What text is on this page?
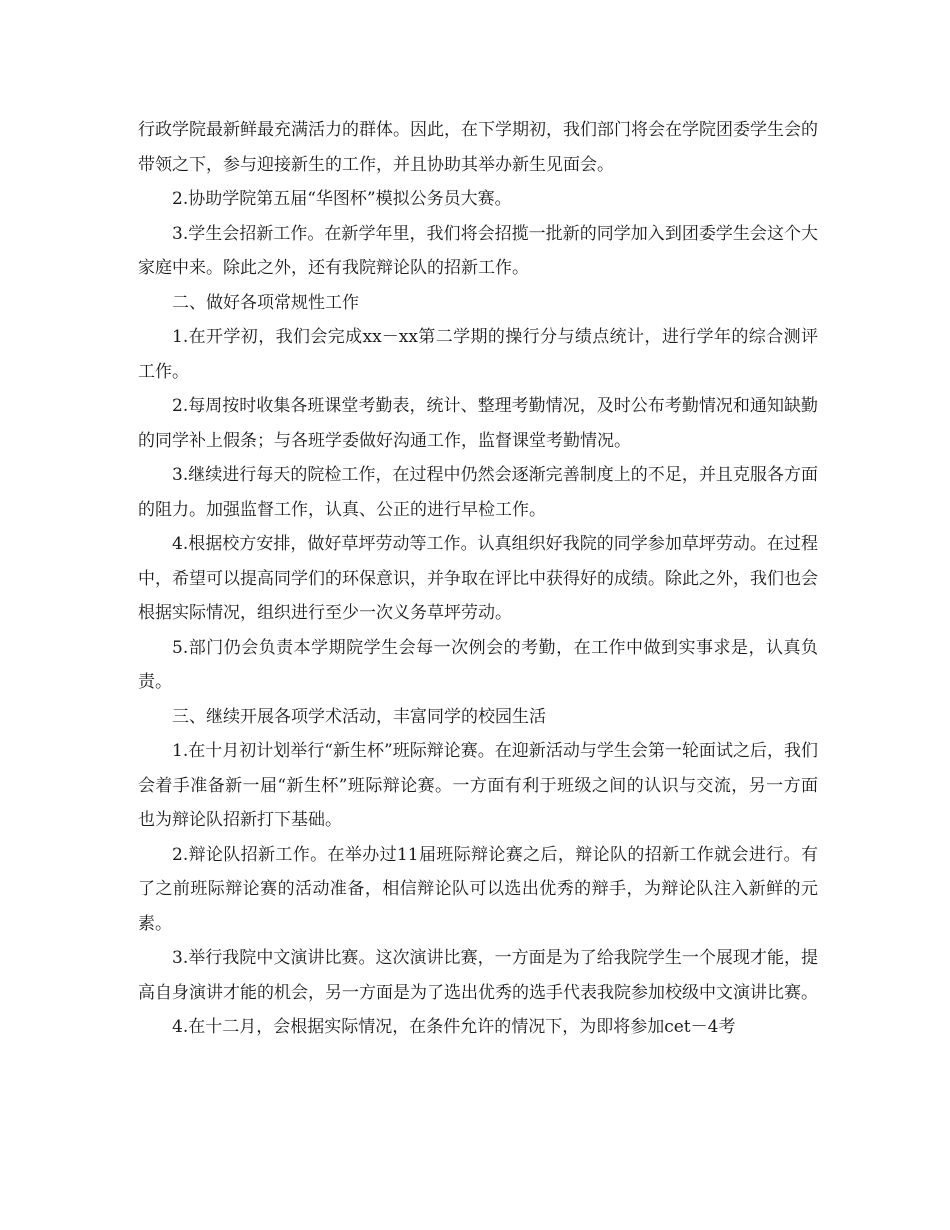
行政学院最新鲜最充满活力的群体。因此，在下学期初，我们部门将会在学院团委学生会的带领之下，参与迎接新生的工作，并且协助其举办新生见面会。

2.协助学院第五届“华图杯”模拟公务员大赛。

3.学生会招新工作。在新学年里，我们将会招揽一批新的同学加入到团委学生会这个大家庭中来。除此之外，还有我院辩论队的招新工作。

二、做好各项常规性工作

1.在开学初，我们会完成xx－xx第二学期的操行分与绩点统计，进行学年的综合测评工作。

2.每周按时收集各班课堂考勤表，统计、整理考勤情况，及时公布考勤情况和通知缺勤的同学补上假条；与各班学委做好沟通工作，监督课堂考勤情况。

3.继续进行每天的院检工作，在过程中仍然会逐渐完善制度上的不足，并且克服各方面的阻力。加强监督工作，认真、公正的进行早检工作。

4.根据校方安排，做好草坪劳动等工作。认真组织好我院的同学参加草坪劳动。在过程中，希望可以提高同学们的环保意识，并争取在评比中获得好的成绩。除此之外，我们也会根据实际情况，组织进行至少一次义务草坪劳动。

5.部门仍会负责本学期院学生会每一次例会的考勤，在工作中做到实事求是，认真负责。

三、继续开展各项学术活动，丰富同学的校园生活

1.在十月初计划举行“新生杯”班际辩论赛。在迎新活动与学生会第一轮面试之后，我们会着手准备新一届“新生杯”班际辩论赛。一方面有利于班级之间的认识与交流，另一方面也为辩论队招新打下基础。

2.辩论队招新工作。在举办过11届班际辩论赛之后，辩论队的招新工作就会进行。有了之前班际辩论赛的活动准备，相信辩论队可以选出优秀的辩手，为辩论队注入新鲜的元素。

3.举行我院中文演讲比赛。这次演讲比赛，一方面是为了给我院学生一个展现才能，提高自身演讲才能的机会，另一方面是为了选出优秀的选手代表我院参加校级中文演讲比赛。

4.在十二月，会根据实际情况，在条件允许的情况下，为即将参加cet－4考
